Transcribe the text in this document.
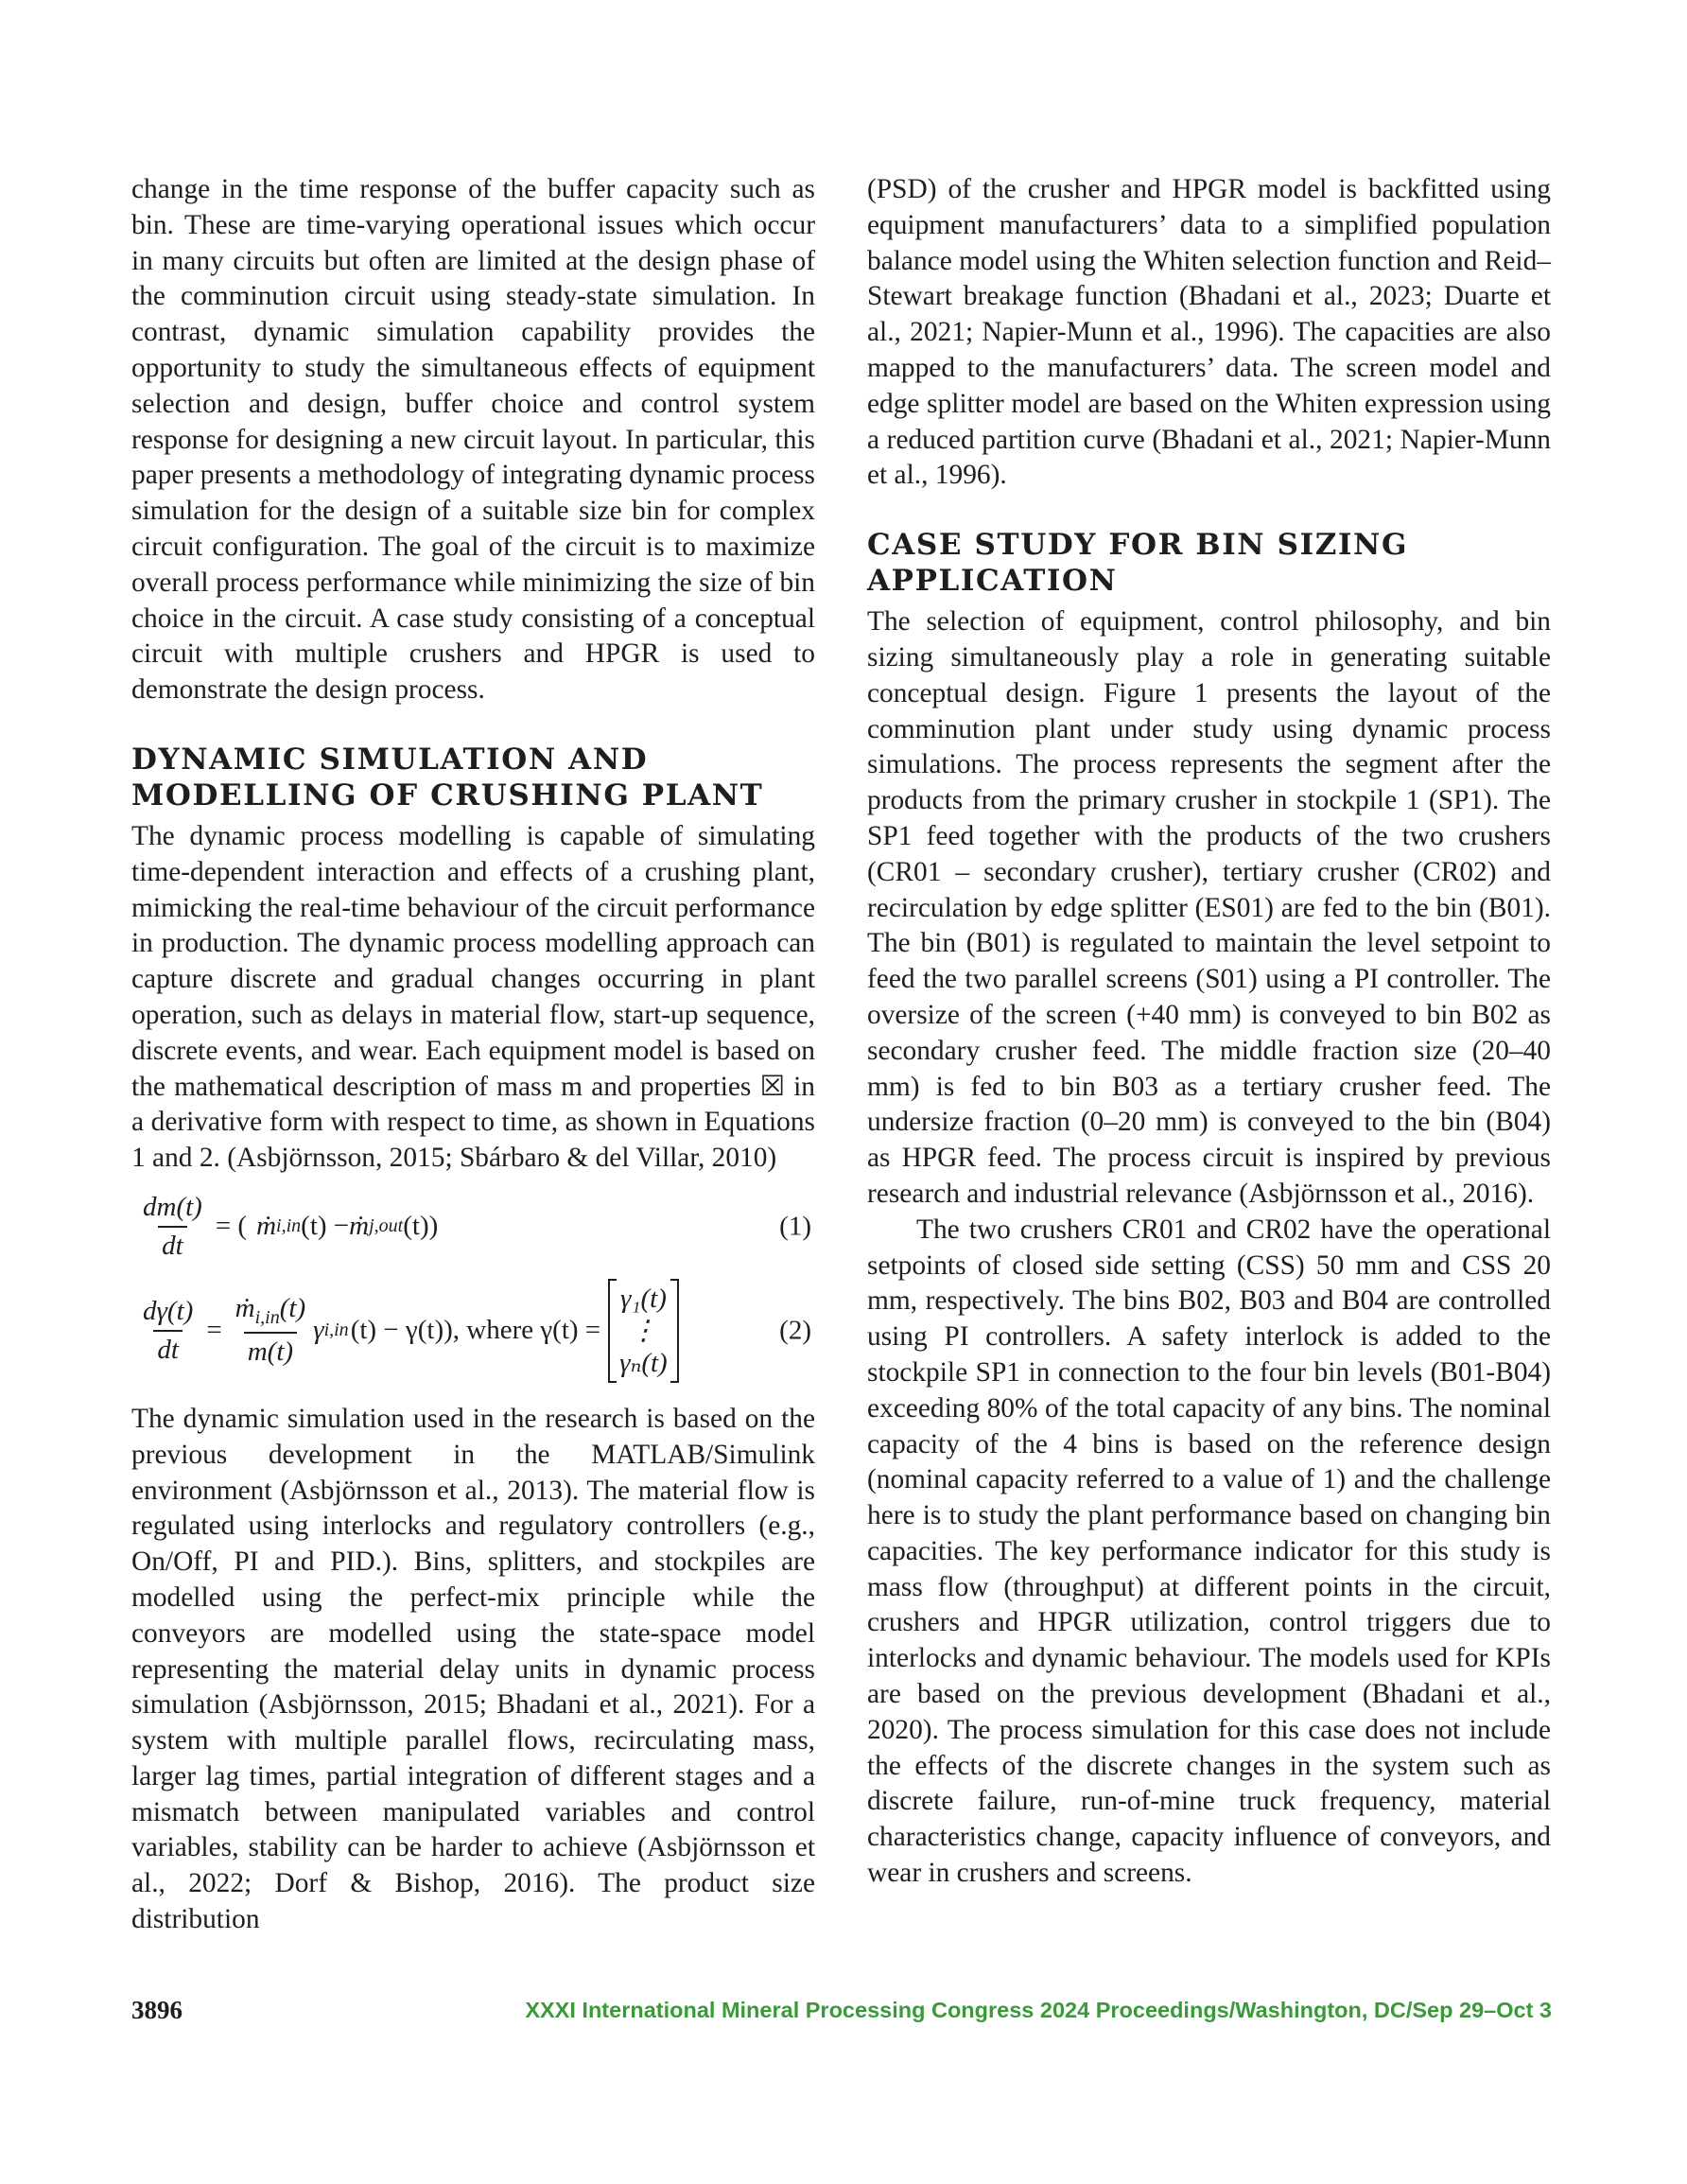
change in the time response of the buffer capacity such as bin. These are time-varying operational issues which occur in many circuits but often are limited at the design phase of the comminution circuit using steady-state simulation. In contrast, dynamic simulation capability provides the opportunity to study the simultaneous effects of equipment selection and design, buffer choice and control system response for designing a new circuit layout. In particular, this paper presents a methodology of integrating dynamic process simulation for the design of a suitable size bin for complex circuit configuration. The goal of the circuit is to maximize overall process performance while minimizing the size of bin choice in the circuit. A case study consisting of a conceptual circuit with multiple crushers and HPGR is used to demonstrate the design process.

DYNAMIC SIMULATION AND
MODELLING OF CRUSHING PLANT

The dynamic process modelling is capable of simulating time-dependent interaction and effects of a crushing plant, mimicking the real-time behaviour of the circuit performance in production. The dynamic process modelling approach can capture discrete and gradual changes occurring in plant operation, such as delays in material flow, start-up sequence, discrete events, and wear. Each equipment model is based on the mathematical description of mass m and properties ☒ in a derivative form with respect to time, as shown in Equations 1 and 2. (Asbjörnsson, 2015; Sbárbaro & del Villar, 2010)

$\frac{dm(t)}{dt}$ = ( ṁ i,in (t) − ṁ j,out (t))	(1)
$\frac{d\gamma(t)}{dt} = \frac{ṁ_{i,in}(t)}{m(t)}$ γ i,in (t) − γ(t)), where γ(t) =
γ₁(t)
⋮
γₙ(t)
(2)

The dynamic simulation used in the research is based on the previous development in the MATLAB/Simulink environment (Asbjörnsson et al., 2013). The material flow is regulated using interlocks and regulatory controllers (e.g., On/Off, PI and PID.). Bins, splitters, and stockpiles are modelled using the perfect-mix principle while the conveyors are modelled using the state-space model representing the material delay units in dynamic process simulation (Asbjörnsson, 2015; Bhadani et al., 2021). For a system with multiple parallel flows, recirculating mass, larger lag times, partial integration of different stages and a mismatch between manipulated variables and control variables, stability can be harder to achieve (Asbjörnsson et al., 2022; Dorf & Bishop, 2016). The product size distribution

(PSD) of the crusher and HPGR model is backfitted using equipment manufacturers’ data to a simplified population balance model using the Whiten selection function and Reid–Stewart breakage function (Bhadani et al., 2023; Duarte et al., 2021; Napier-Munn et al., 1996). The capacities are also mapped to the manufacturers’ data. The screen model and edge splitter model are based on the Whiten expression using a reduced partition curve (Bhadani et al., 2021; Napier-Munn et al., 1996).

CASE STUDY FOR BIN SIZING
APPLICATION

The selection of equipment, control philosophy, and bin sizing simultaneously play a role in generating suitable conceptual design. Figure 1 presents the layout of the comminution plant under study using dynamic process simulations. The process represents the segment after the products from the primary crusher in stockpile 1 (SP1). The SP1 feed together with the products of the two crushers (CR01 – secondary crusher), tertiary crusher (CR02) and recirculation by edge splitter (ES01) are fed to the bin (B01). The bin (B01) is regulated to maintain the level setpoint to feed the two parallel screens (S01) using a PI controller. The oversize of the screen (+40 mm) is conveyed to bin B02 as secondary crusher feed. The middle fraction size (20–40 mm) is fed to bin B03 as a tertiary crusher feed. The undersize fraction (0–20 mm) is conveyed to the bin (B04) as HPGR feed. The process circuit is inspired by previous research and industrial relevance (Asbjörnsson et al., 2016).

The two crushers CR01 and CR02 have the operational setpoints of closed side setting (CSS) 50 mm and CSS 20 mm, respectively. The bins B02, B03 and B04 are controlled using PI controllers. A safety interlock is added to the stockpile SP1 in connection to the four bin levels (B01-B04) exceeding 80% of the total capacity of any bins. The nominal capacity of the 4 bins is based on the reference design (nominal capacity referred to a value of 1) and the challenge here is to study the plant performance based on changing bin capacities. The key performance indicator for this study is mass flow (throughput) at different points in the circuit, crushers and HPGR utilization, control triggers due to interlocks and dynamic behaviour. The models used for KPIs are based on the previous development (Bhadani et al., 2020). The process simulation for this case does not include the effects of the discrete changes in the system such as discrete failure, run-of-mine truck frequency, material characteristics change, capacity influence of conveyors, and wear in crushers and screens.

3896	XXXI International Mineral Processing Congress 2024 Proceedings/Washington, DC/Sep 29–Oct 3
